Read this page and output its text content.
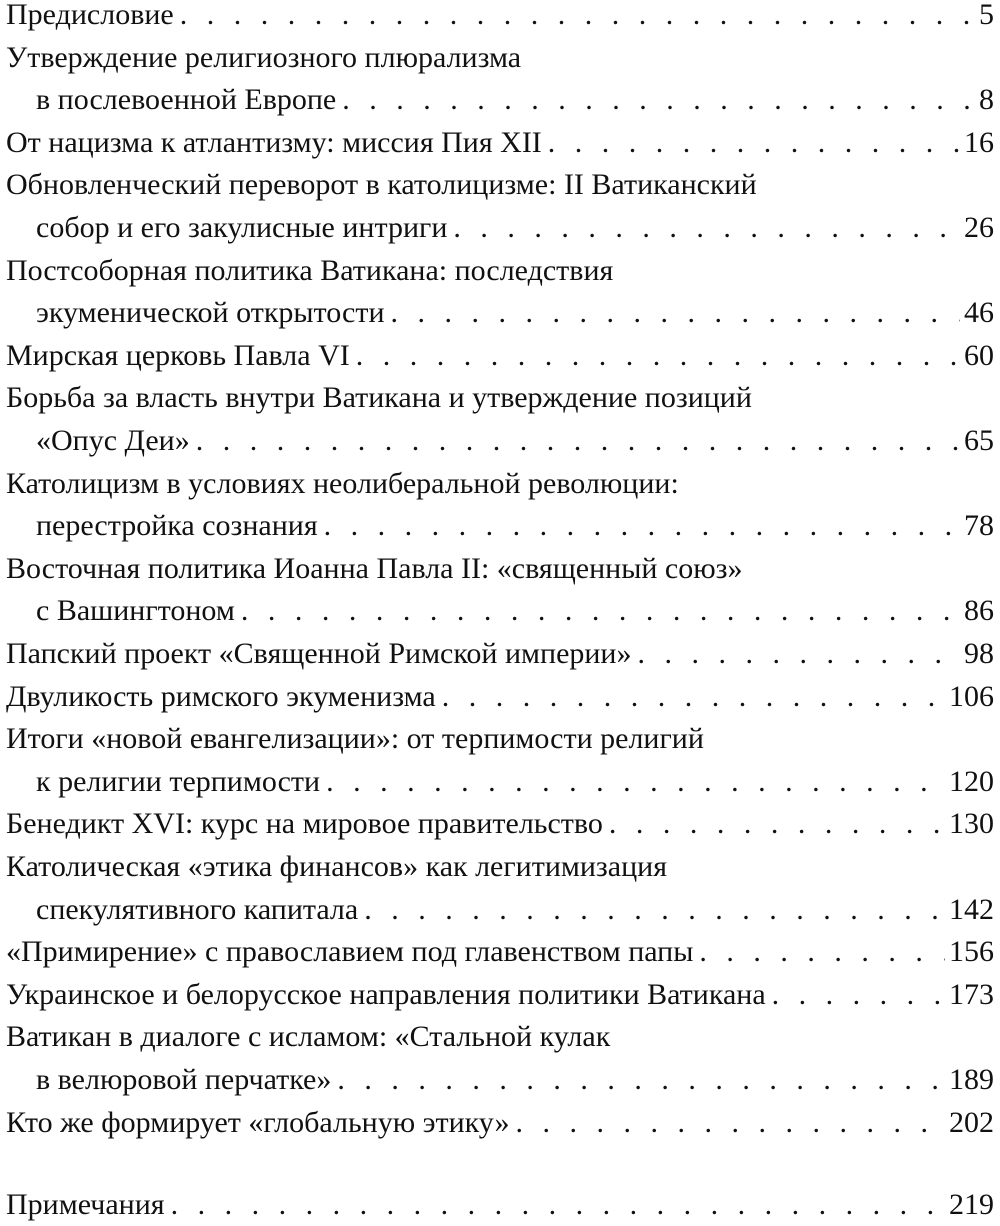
Предисловие . . .	5
Утверждение религиозного плюрализма
в послевоенной Европе . . .	8
От нацизма к атлантизму: миссия Пия XII . . .	16
Обновленческий переворот в католицизме: II Ватиканский
собор и его закулисные интриги . . .	26
Постсоборная политика Ватикана: последствия
экуменической открытости . . .	46
Мирская церковь Павла VI . . .	60
Борьба за власть внутри Ватикана и утверждение позиций
«Опус Деи» . . .	65
Католицизм в условиях неолиберальной революции:
перестройка сознания . . .	78
Восточная политика Иоанна Павла II: «священный союз»
с Вашингтоном . . .	86
Папский проект «Священной Римской империи» . . .	98
Двуликость римского экуменизма . . .	106
Итоги «новой евангелизации»: от терпимости религий
к религии терпимости . . .	120
Бенедикт XVI: курс на мировое правительство . . .	130
Католическая «этика финансов» как легитимизация
спекулятивного капитала . . .	142
«Примирение» с православием под главенством папы . . .	156
Украинское и белорусское направления политики Ватикана . . .	173
Ватикан в диалоге с исламом: «Стальной кулак
в велюровой перчатке» . . .	189
Кто же формирует «глобальную этику» . . .	202
Примечания . . .	219
